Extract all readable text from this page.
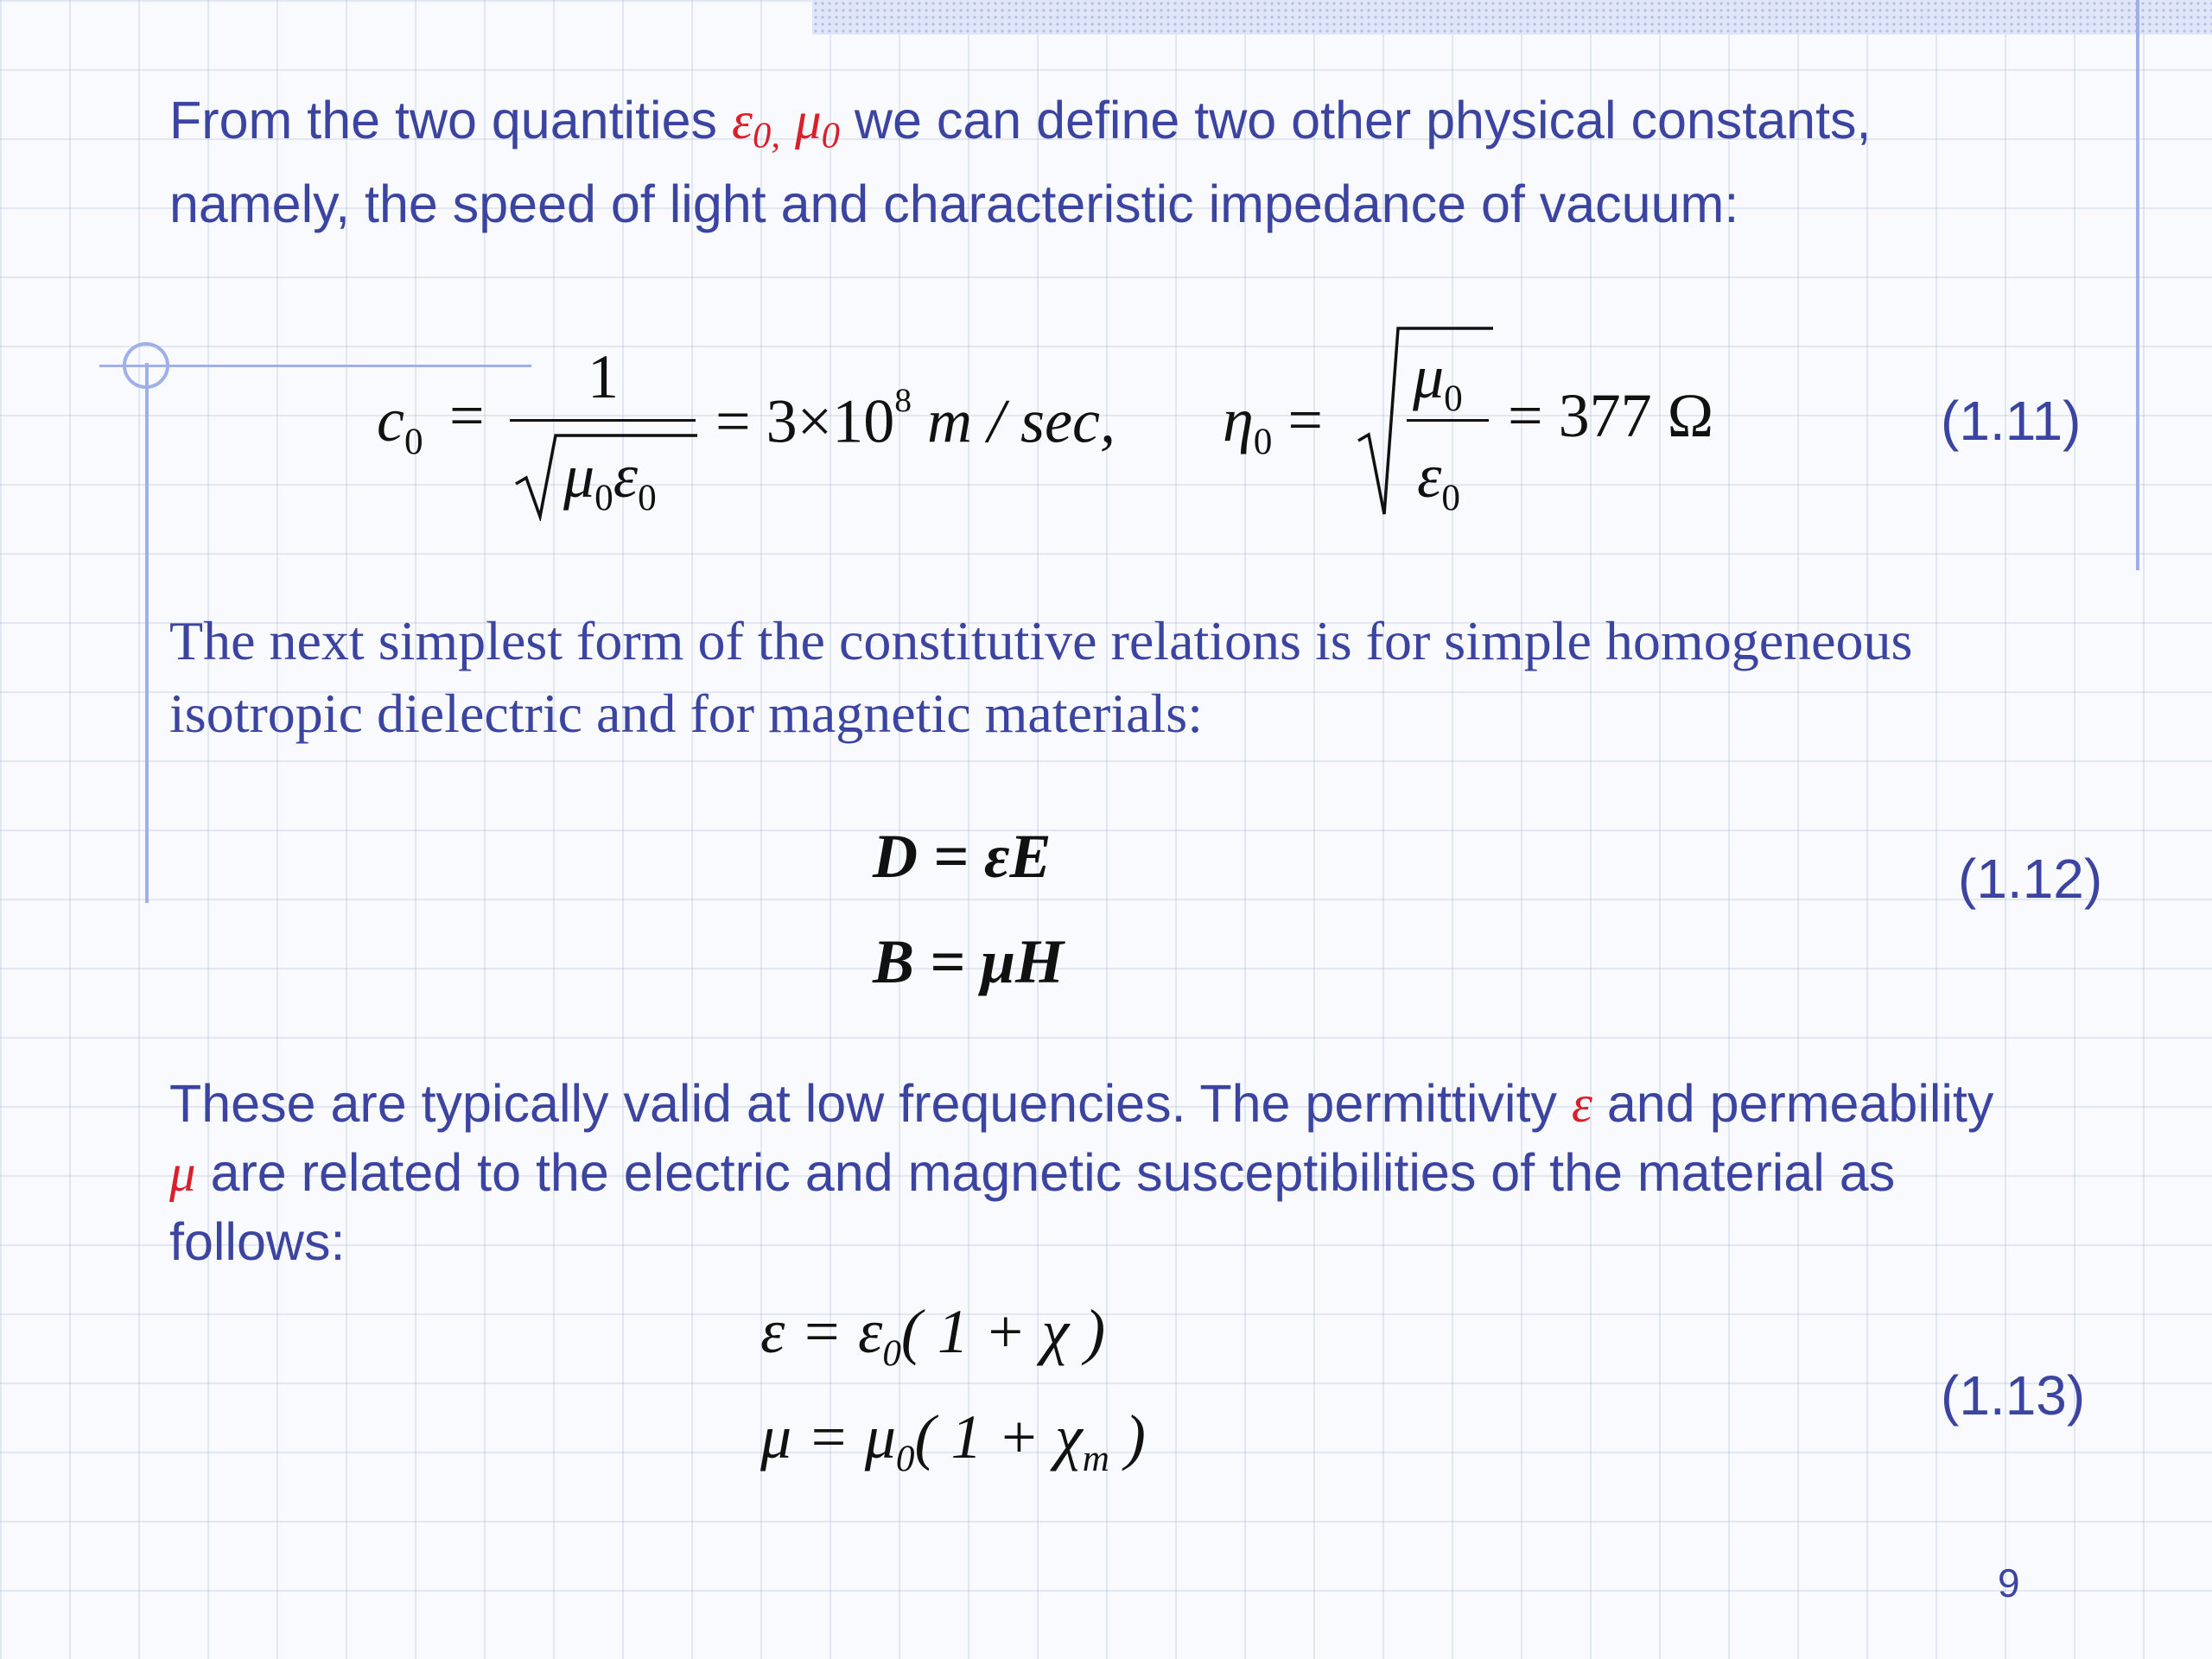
From the two quantities $\varepsilon_{0,}$ $\mu_0$ we can define two other physical constants,
namely, the speed of light and characteristic impedance of vacuum:
$c_0$ =
1
$\mu_0\varepsilon_0$
= $3\times 10^8$ m / sec, $\eta_0$ =
$\mu_0$
$\varepsilon_0$
= 377 Ω	(1.11)
The next simplest form of the constitutive relations is for simple homogeneous
isotropic dielectric and for magnetic materials:
D = εE
B = μH
(1.12)
These are typically valid at low frequencies. The permittivity ε and permeability
μ are related to the electric and magnetic susceptibilities of the material as
follows:
$\varepsilon = \varepsilon_0$( 1 + χ )
$\mu = \mu_0$( $1 + \chi_m$ )
(1.13)
9
